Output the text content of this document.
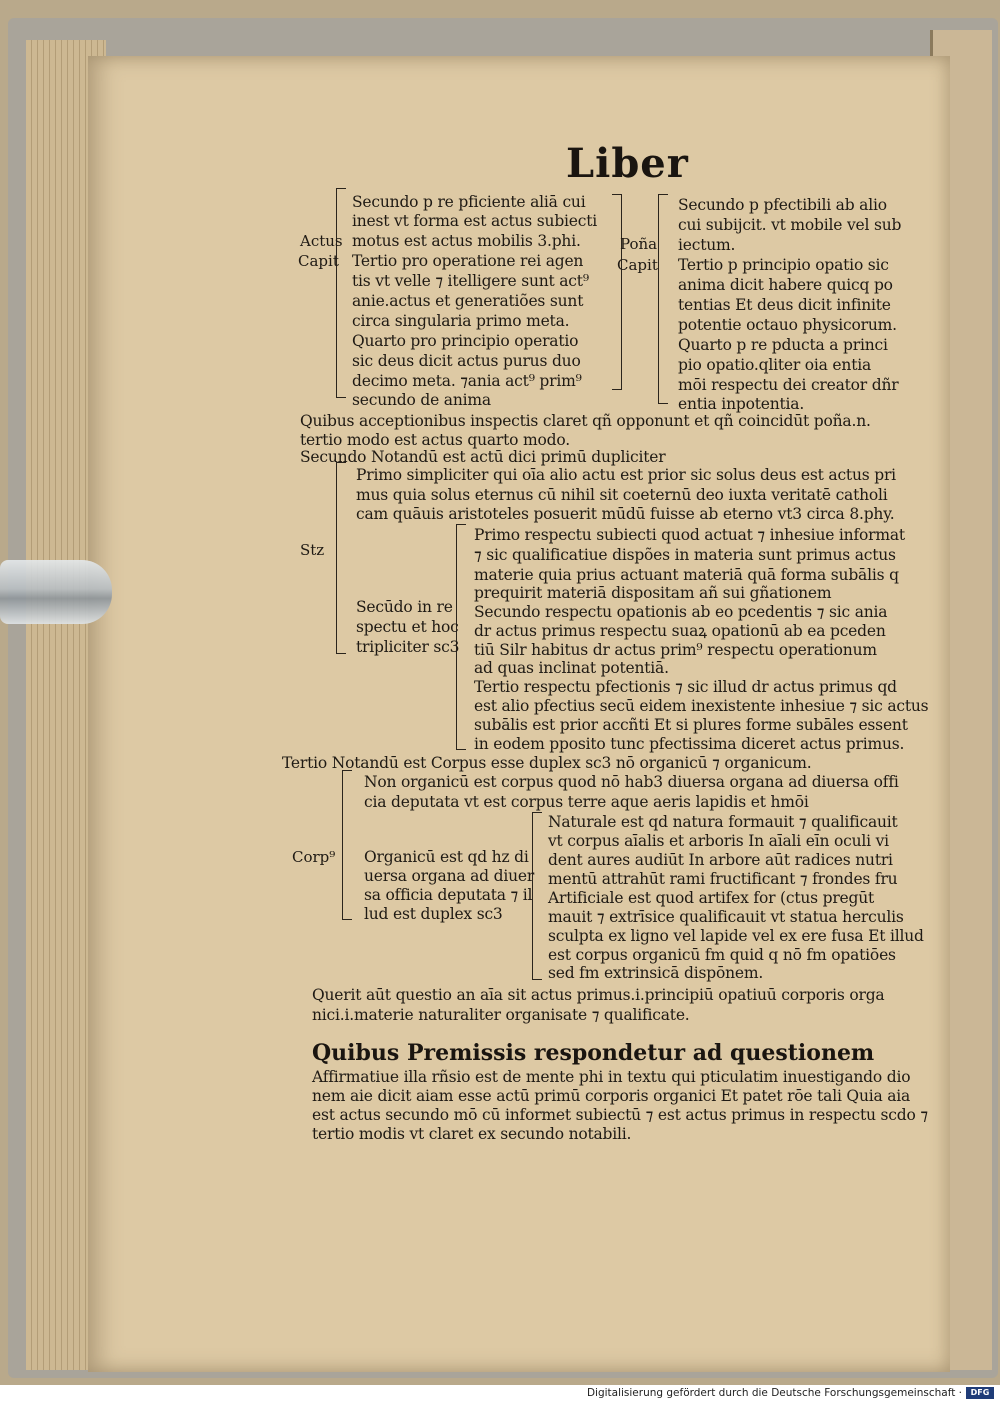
Liber
Actus
Capit
Poña
Capit
Secundo p re pficiente aliā cui
inest vt forma est actus subiecti
motus est actus mobilis 3.phi.
Tertio pro operatione rei agen
tis vt velle ⁊ itelligere sunt act⁹
anie.actus et generatiões sunt
circa singularia primo meta.
Quarto pro principio operatio
sic deus dicit actus purus duo
decimo meta. ⁊ania act⁹ prim⁹
secundo de anima
Secundo p pfectibili ab alio
cui subijcit. vt mobile vel sub
iectum.
Tertio p principio opatio sic
anima dicit habere quicq po
tentias Et deus dicit infinite
potentie octauo physicorum.
Quarto p re pducta a princi
pio opatio.qliter oia entia
mōi respectu dei creator dñr
entia inpotentia.
Quibus acceptionibus inspectis claret qñ opponunt et qñ coincidūt poña.n.
tertio modo est actus quarto modo.
Secundo Notandū est actū dici primū dupliciter
Stz
Primo simpliciter qui oīa alio actu est prior sic solus deus est actus pri
mus quia solus eternus cū nihil sit coeternū deo iuxta veritatē catholi
cam quāuis aristoteles posuerit mūdū fuisse ab eterno vt3 circa 8.phy.
Secūdo in re
spectu et hoc
tripliciter sc3
Primo respectu subiecti quod actuat ⁊ inhesiue informat
⁊ sic qualificatiue dispões in materia sunt primus actus
materie quia prius actuant materiā quā forma subālis q
prequirit materiā dispositam añ sui gñationem
Secundo respectu opationis ab eo pcedentis ⁊ sic ania
dr actus primus respectu suaꝝ opationū ab ea pceden
tiū Silr habitus dr actus prim⁹ respectu operationum
ad quas inclinat potentiā.
Tertio respectu pfectionis ⁊ sic illud dr actus primus qd
est alio pfectius secū eidem inexistente inhesiue ⁊ sic actus
subālis est prior accñti Et si plures forme subāles essent
in eodem pposito tunc pfectissima diceret actus primus.
Tertio Notandū est Corpus esse duplex sc3 nō organicū ⁊ organicum.
Corp⁹
Non organicū est corpus quod nō hab3 diuersa organa ad diuersa offi
cia deputata vt est corpus terre aque aeris lapidis et hmōi
Naturale est qd natura formauit ⁊ qualificauit
vt corpus aīalis et arboris In aīali eīn oculi vi
dent aures audiūt In arbore aūt radices nutri
mentū attrahūt rami fructificant ⁊ frondes fru
Organicū est qd hz di
uersa organa ad diuer
sa officia deputata ⁊ il
lud est duplex sc3
Artificiale est quod artifex for (ctus pregūt
mauit ⁊ extrīsice qualificauit vt statua herculis
sculpta ex ligno vel lapide vel ex ere fusa Et illud
est corpus organicū fm quid q nō fm opatiōes
sed fm extrinsicā dispōnem.
Querit aūt questio an aīa sit actus primus.i.principiū opatiuū corporis orga
nici.i.materie naturaliter organisate ⁊ qualificate.
Quibus Premissis respondetur ad questionem
Affirmatiue illa rñsio est de mente phi in textu qui pticulatim inuestigando dio
nem aie dicit aiam esse actū primū corporis organici Et patet rōe tali Quia aia
est actus secundo mō cū informet subiectū ⁊ est actus primus in respectu scdo ⁊
tertio modis vt claret ex secundo notabili.
Digitalisierung gefördert durch die Deutsche Forschungsgemeinschaft ·	DFG
